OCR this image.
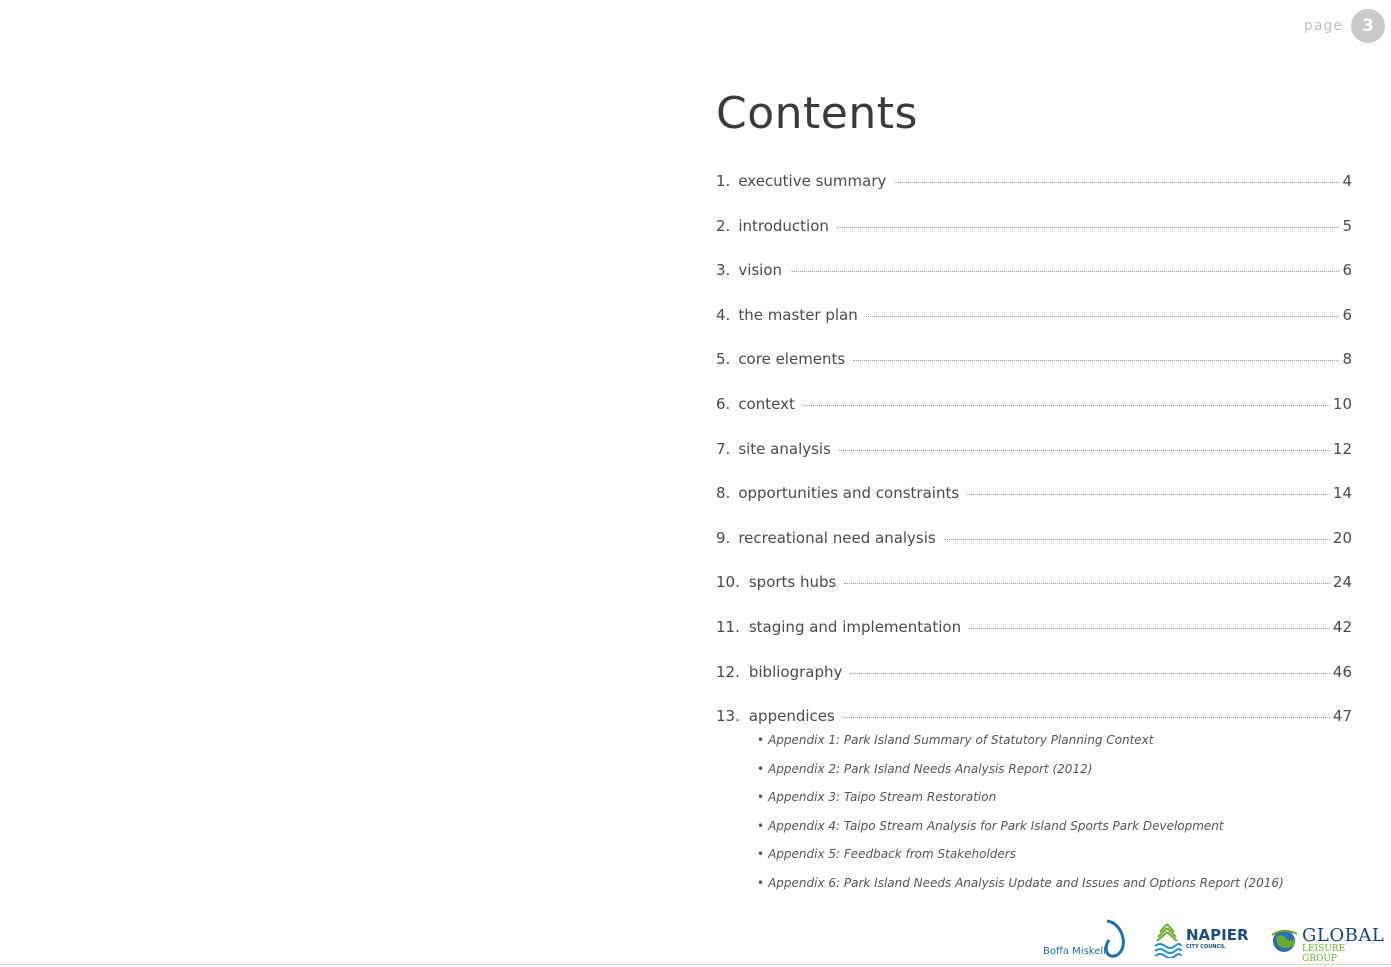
page	3
Contents
1. executive summary	4
2. introduction	5
3. vision	6
4. the master plan	6
5. core elements	8
6. context	10
7. site analysis	12
8. opportunities and constraints	14
9. recreational need analysis	20
10. sports hubs	24
11. staging and implementation	42
12. bibliography	46
13. appendices	47
• Appendix 1: Park Island Summary of Statutory Planning Context
• Appendix 2: Park Island Needs Analysis Report (2012)
• Appendix 3: Taipo Stream Restoration
• Appendix 4: Taipo Stream Analysis for Park Island Sports Park Development
• Appendix 5: Feedback from Stakeholders
• Appendix 6: Park Island Needs Analysis Update and Issues and Options Report (2016)
Boffa Miskell
NAPIER
CITY COUNCIL
GLOBAL
LEISURE GROUP
